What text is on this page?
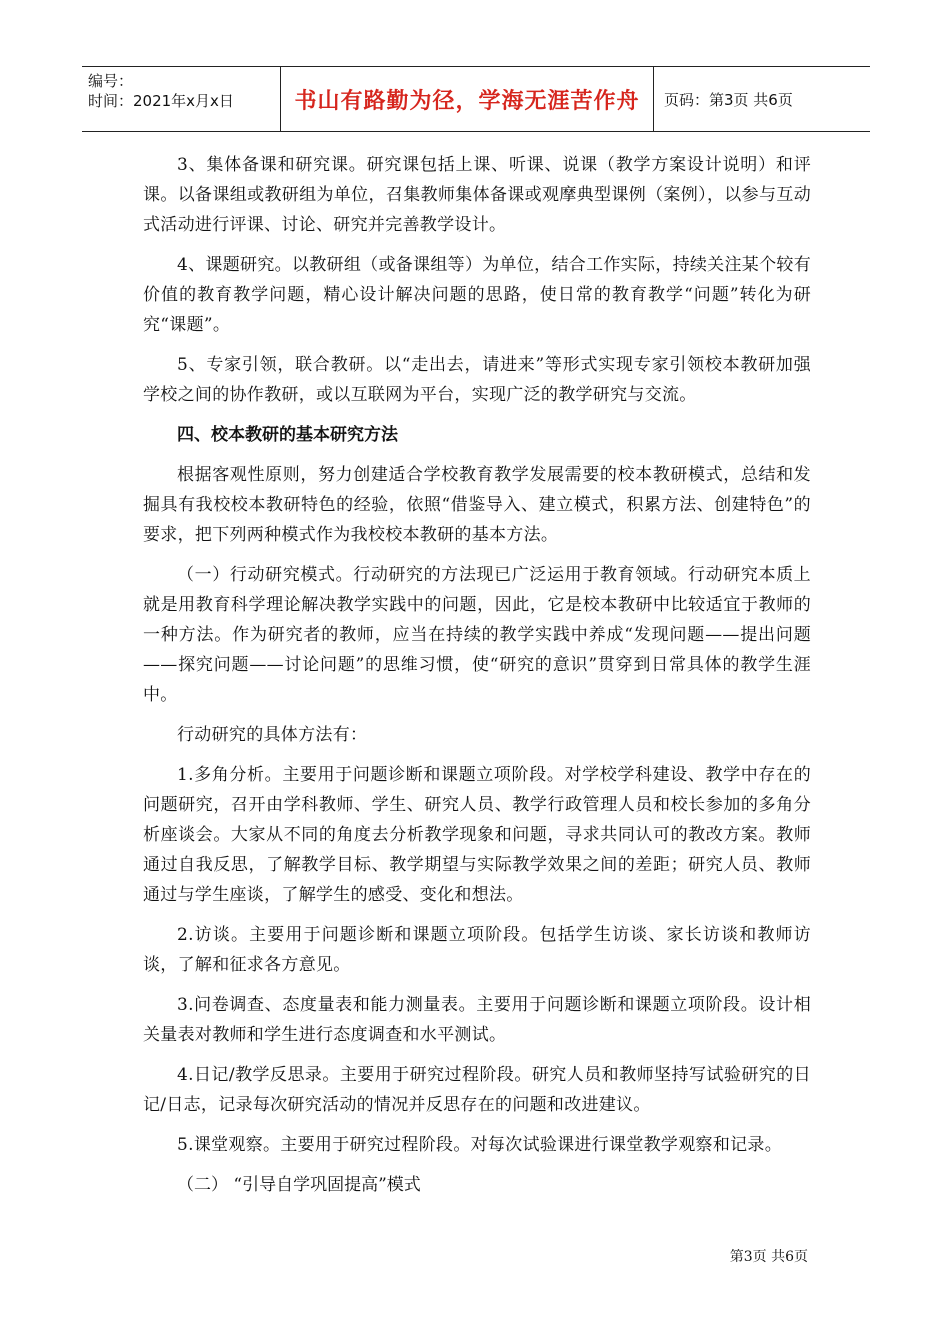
编号：
时间：2021年x月x日	书山有路勤为径，学海无涯苦作舟	页码：第3页 共6页

3、集体备课和研究课。研究课包括上课、听课、说课（教学方案设计说明）和评课。以备课组或教研组为单位，召集教师集体备课或观摩典型课例（案例），以参与互动式活动进行评课、讨论、研究并完善教学设计。

4、课题研究。以教研组（或备课组等）为单位，结合工作实际，持续关注某个较有价值的教育教学问题，精心设计解决问题的思路，使日常的教育教学“问题”转化为研究“课题”。

5、专家引领，联合教研。以“走出去，请进来”等形式实现专家引领校本教研加强学校之间的协作教研，或以互联网为平台，实现广泛的教学研究与交流。

四、校本教研的基本研究方法

根据客观性原则，努力创建适合学校教育教学发展需要的校本教研模式，总结和发掘具有我校校本教研特色的经验，依照“借鉴导入、建立模式，积累方法、创建特色”的要求，把下列两种模式作为我校校本教研的基本方法。

（一）行动研究模式。行动研究的方法现已广泛运用于教育领域。行动研究本质上就是用教育科学理论解决教学实践中的问题，因此，它是校本教研中比较适宜于教师的一种方法。作为研究者的教师，应当在持续的教学实践中养成“发现问题——提出问题——探究问题——讨论问题”的思维习惯，使“研究的意识”贯穿到日常具体的教学生涯中。

行动研究的具体方法有：

1.多角分析。主要用于问题诊断和课题立项阶段。对学校学科建设、教学中存在的问题研究，召开由学科教师、学生、研究人员、教学行政管理人员和校长参加的多角分析座谈会。大家从不同的角度去分析教学现象和问题，寻求共同认可的教改方案。教师通过自我反思，了解教学目标、教学期望与实际教学效果之间的差距；研究人员、教师通过与学生座谈，了解学生的感受、变化和想法。

2.访谈。主要用于问题诊断和课题立项阶段。包括学生访谈、家长访谈和教师访谈，了解和征求各方意见。

3.问卷调查、态度量表和能力测量表。主要用于问题诊断和课题立项阶段。设计相关量表对教师和学生进行态度调查和水平测试。

4.日记/教学反思录。主要用于研究过程阶段。研究人员和教师坚持写试验研究的日记/日志，记录每次研究活动的情况并反思存在的问题和改进建议。

5.课堂观察。主要用于研究过程阶段。对每次试验课进行课堂教学观察和记录。

（二） “引导自学巩固提高”模式
第3页 共6页
